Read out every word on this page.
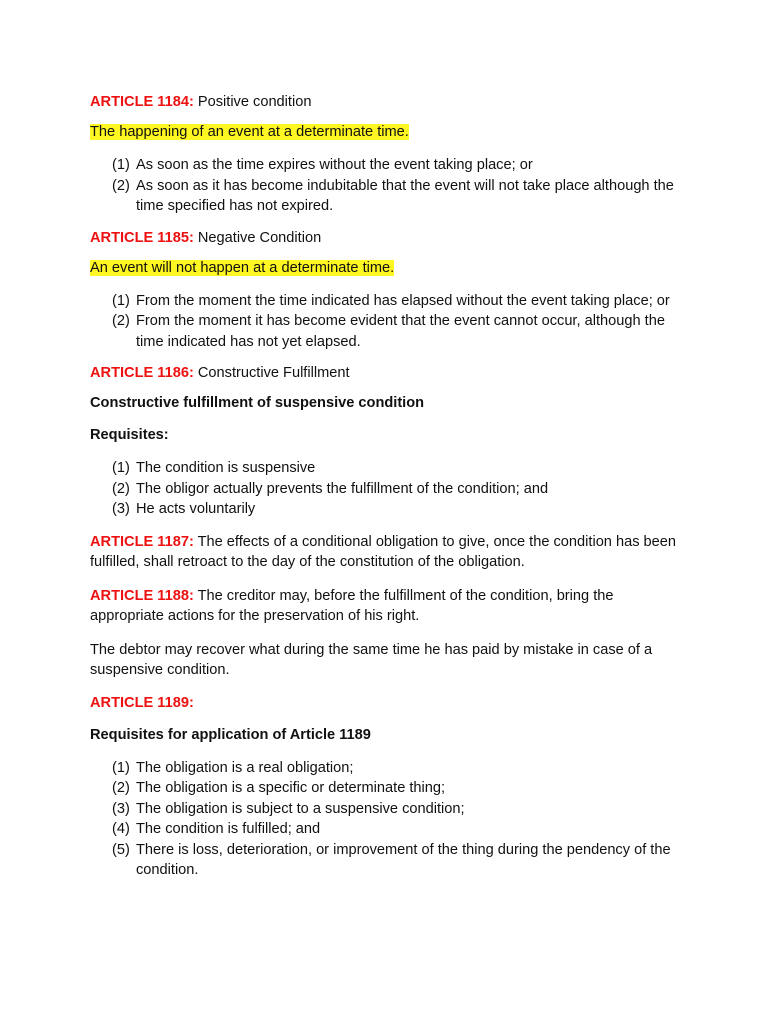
ARTICLE 1184: Positive condition

The happening of an event at a determinate time.

(1) As soon as the time expires without the event taking place; or
(2) As soon as it has become indubitable that the event will not take place although the time specified has not expired.

ARTICLE 1185: Negative Condition

An event will not happen at a determinate time.

(1) From the moment the time indicated has elapsed without the event taking place; or
(2) From the moment it has become evident that the event cannot occur, although the time indicated has not yet elapsed.

ARTICLE 1186: Constructive Fulfillment

Constructive fulfillment of suspensive condition

Requisites:

(1) The condition is suspensive
(2) The obligor actually prevents the fulfillment of the condition; and
(3) He acts voluntarily

ARTICLE 1187: The effects of a conditional obligation to give, once the condition has been fulfilled, shall retroact to the day of the constitution of the obligation.

ARTICLE 1188: The creditor may, before the fulfillment of the condition, bring the appropriate actions for the preservation of his right.

The debtor may recover what during the same time he has paid by mistake in case of a suspensive condition.

ARTICLE 1189:

Requisites for application of Article 1189

(1) The obligation is a real obligation;
(2) The obligation is a specific or determinate thing;
(3) The obligation is subject to a suspensive condition;
(4) The condition is fulfilled; and
(5) There is loss, deterioration, or improvement of the thing during the pendency of the condition.
